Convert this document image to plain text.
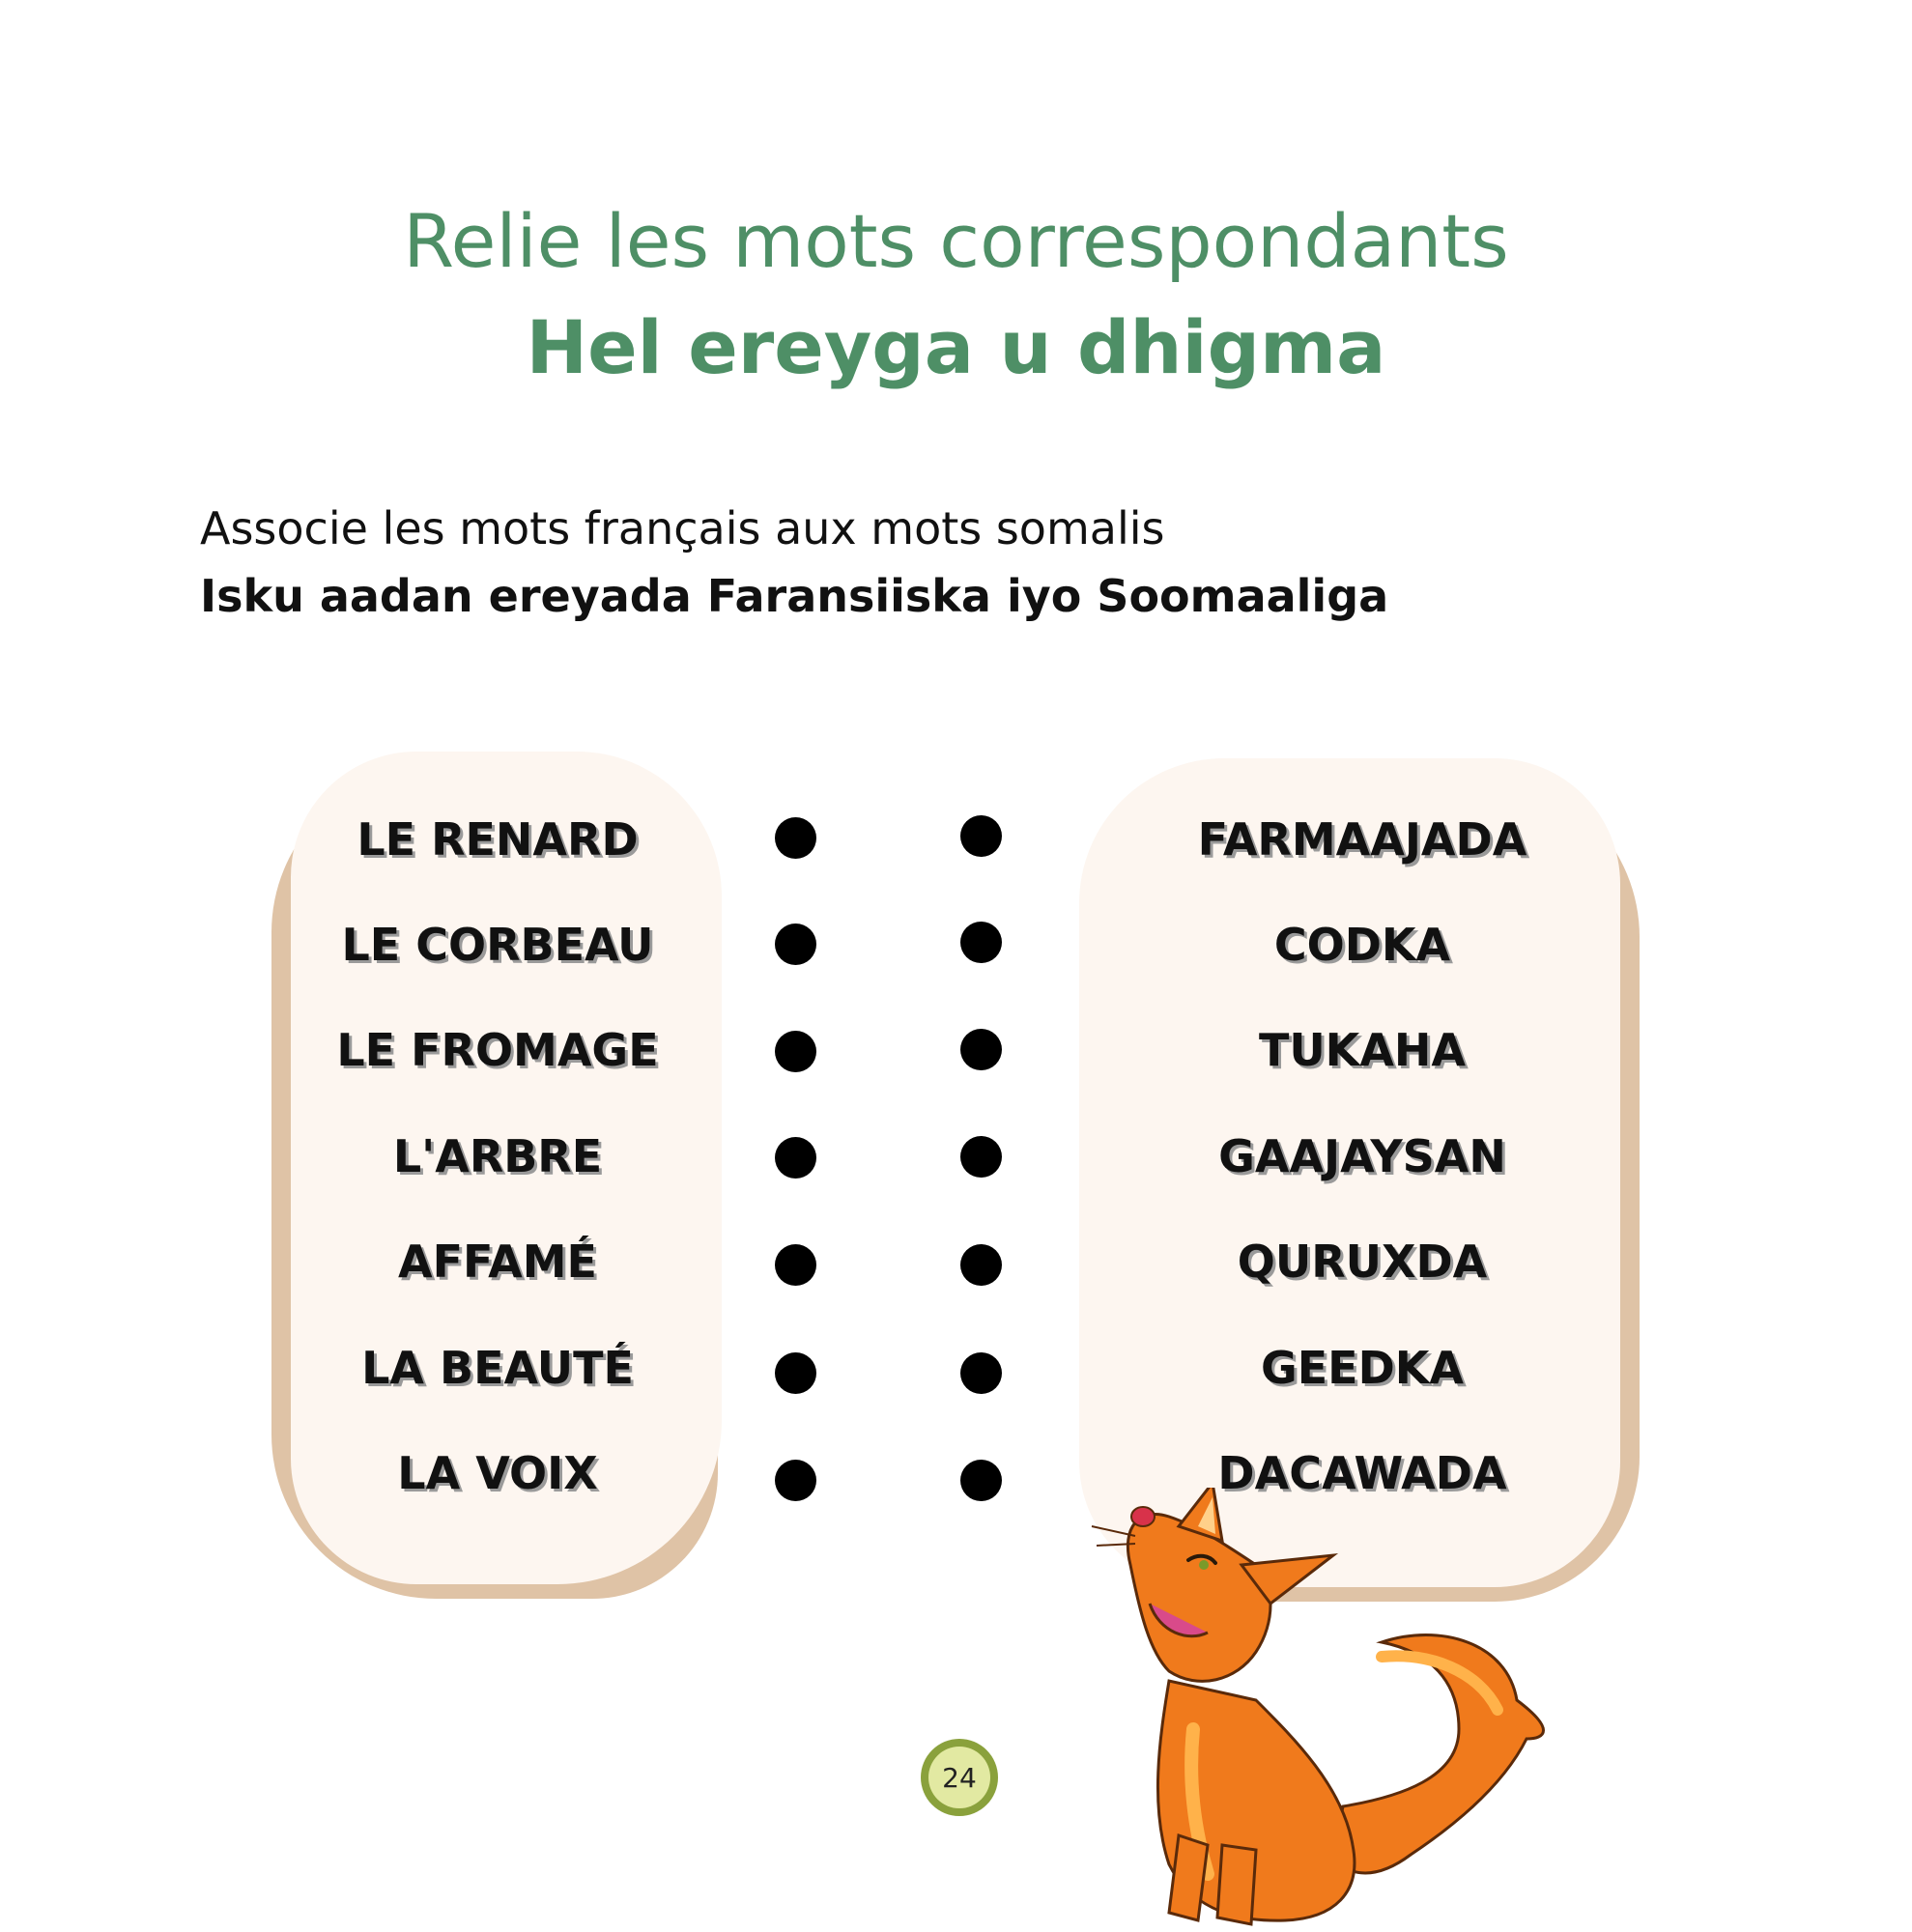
Relie les mots correspondants
Hel ereyga u dhigma

Associe les mots français aux mots somalis

Isku aadan ereyada Faransiiska iyo Soomaaliga

LE RENARD
LE CORBEAU
LE FROMAGE
L'ARBRE
AFFAMÉ
LA BEAUTÉ
LA VOIX
FARMAAJADA
CODKA
TUKAHA
GAAJAYSAN
QURUXDA
GEEDKA
DACAWADA
24
